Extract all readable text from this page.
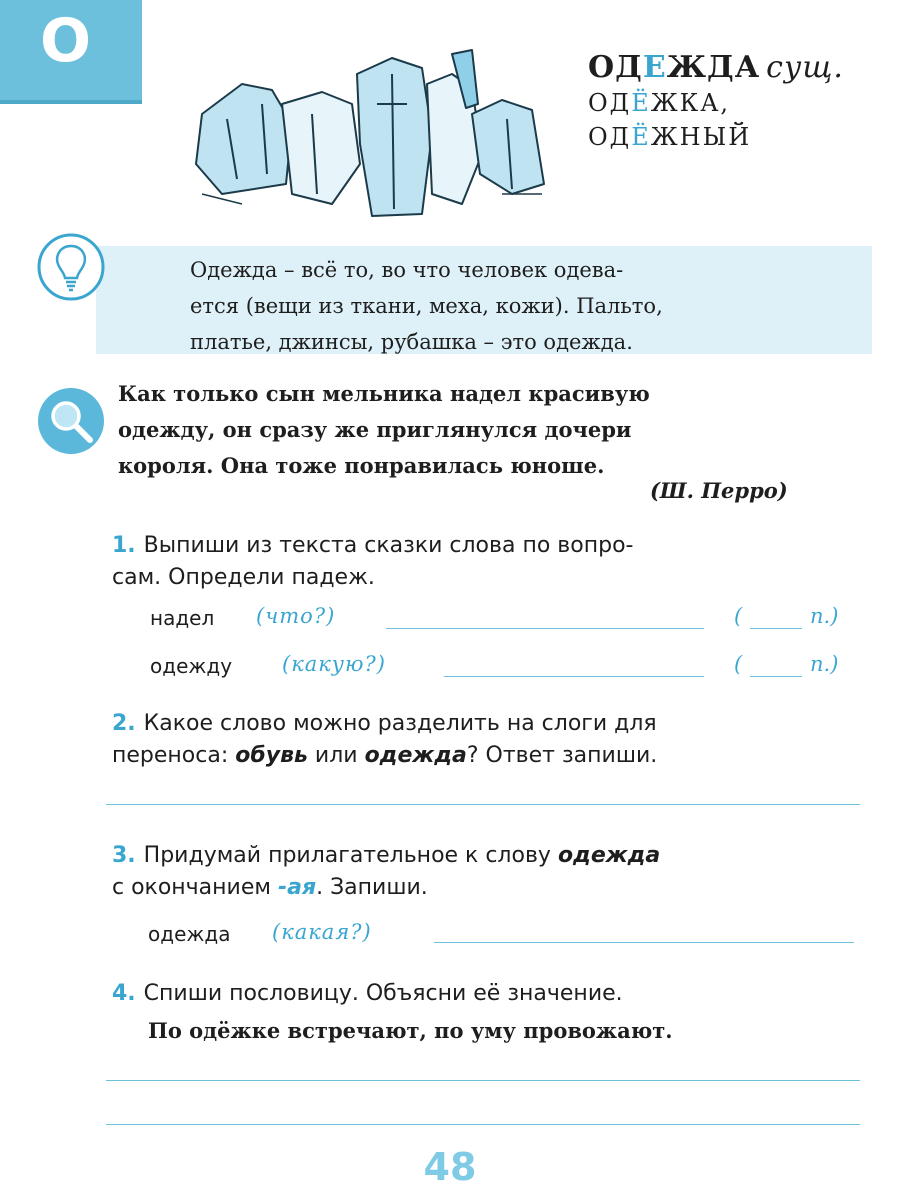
О	ОДЕЖДА сущ.
ОДЁЖКА,
ОДЁЖНЫЙ
Одежда – всё то, во что человек одева-
ется (вещи из ткани, меха, кожи). Пальто,
платье, джинсы, рубашка – это одежда.
Как только сын мельника надел красивую
одежду, он сразу же приглянулся дочери
короля. Она тоже понравилась юноше.
(Ш. Перро)
1. Выпиши из текста сказки слова по вопро-
сам. Определи падеж.
надел (что?)	(	п.)
одежду (какую?)	(	п.)
2. Какое слово можно разделить на слоги для
переноса: обувь или одежда? Ответ запиши.
3. Придумай прилагательное к слову одежда
с окончанием -ая. Запиши.
одежда (какая?)
4. Спиши пословицу. Объясни её значение.
По одёжке встречают, по уму провожают.
48
